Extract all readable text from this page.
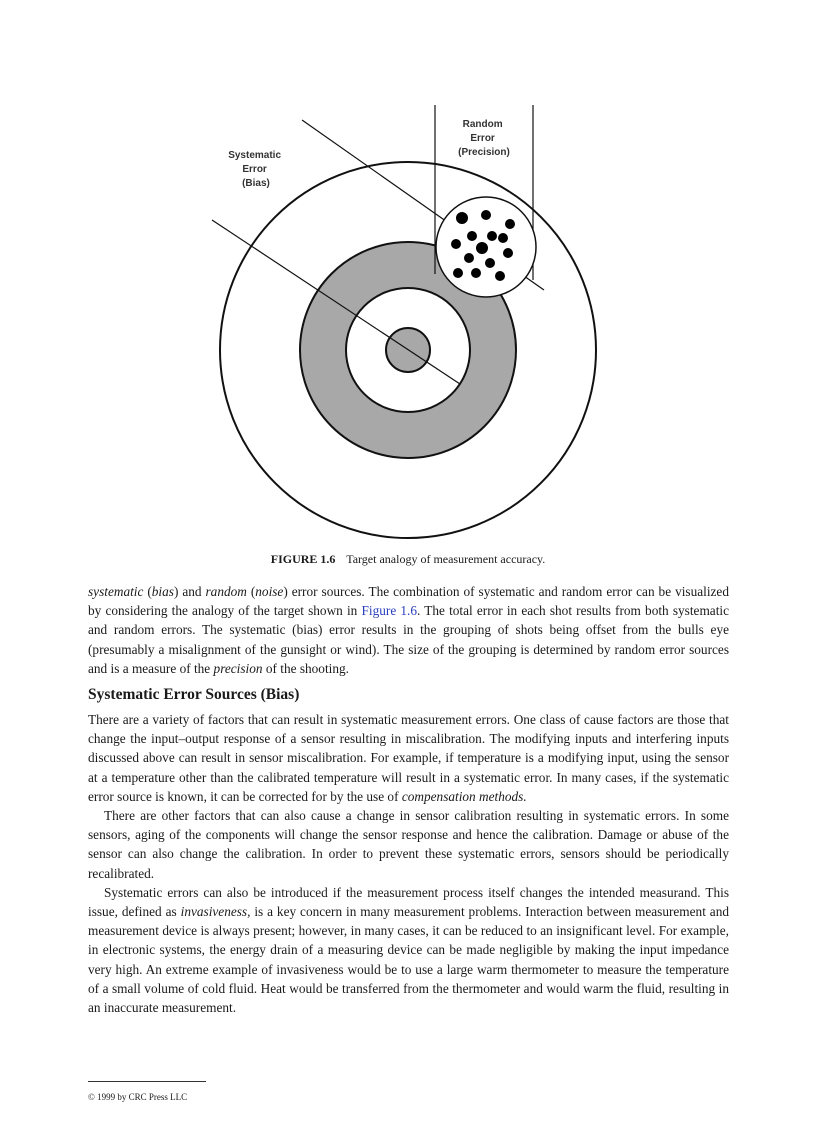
Systematic Error (Bias)
Random Error (Precision)
FIGURE 1.6 Target analogy of measurement accuracy.

systematic (bias) and random (noise) error sources. The combination of systematic and random error can be visualized by considering the analogy of the target shown in Figure 1.6. The total error in each shot results from both systematic and random errors. The systematic (bias) error results in the grouping of shots being offset from the bulls eye (presumably a misalignment of the gunsight or wind). The size of the grouping is determined by random error sources and is a measure of the precision of the shooting.

Systematic Error Sources (Bias)

There are a variety of factors that can result in systematic measurement errors. One class of cause factors are those that change the input–output response of a sensor resulting in miscalibration. The modifying inputs and interfering inputs discussed above can result in sensor miscalibration. For example, if temperature is a modifying input, using the sensor at a temperature other than the calibrated temperature will result in a systematic error. In many cases, if the systematic error source is known, it can be corrected for by the use of compensation methods.

There are other factors that can also cause a change in sensor calibration resulting in systematic errors. In some sensors, aging of the components will change the sensor response and hence the calibration. Damage or abuse of the sensor can also change the calibration. In order to prevent these systematic errors, sensors should be periodically recalibrated.

Systematic errors can also be introduced if the measurement process itself changes the intended measurand. This issue, defined as invasiveness, is a key concern in many measurement problems. Interaction between measurement and measurement device is always present; however, in many cases, it can be reduced to an insignificant level. For example, in electronic systems, the energy drain of a measuring device can be made negligible by making the input impedance very high. An extreme example of invasiveness would be to use a large warm thermometer to measure the temperature of a small volume of cold fluid. Heat would be transferred from the thermometer and would warm the fluid, resulting in an inaccurate measurement.

© 1999 by CRC Press LLC
